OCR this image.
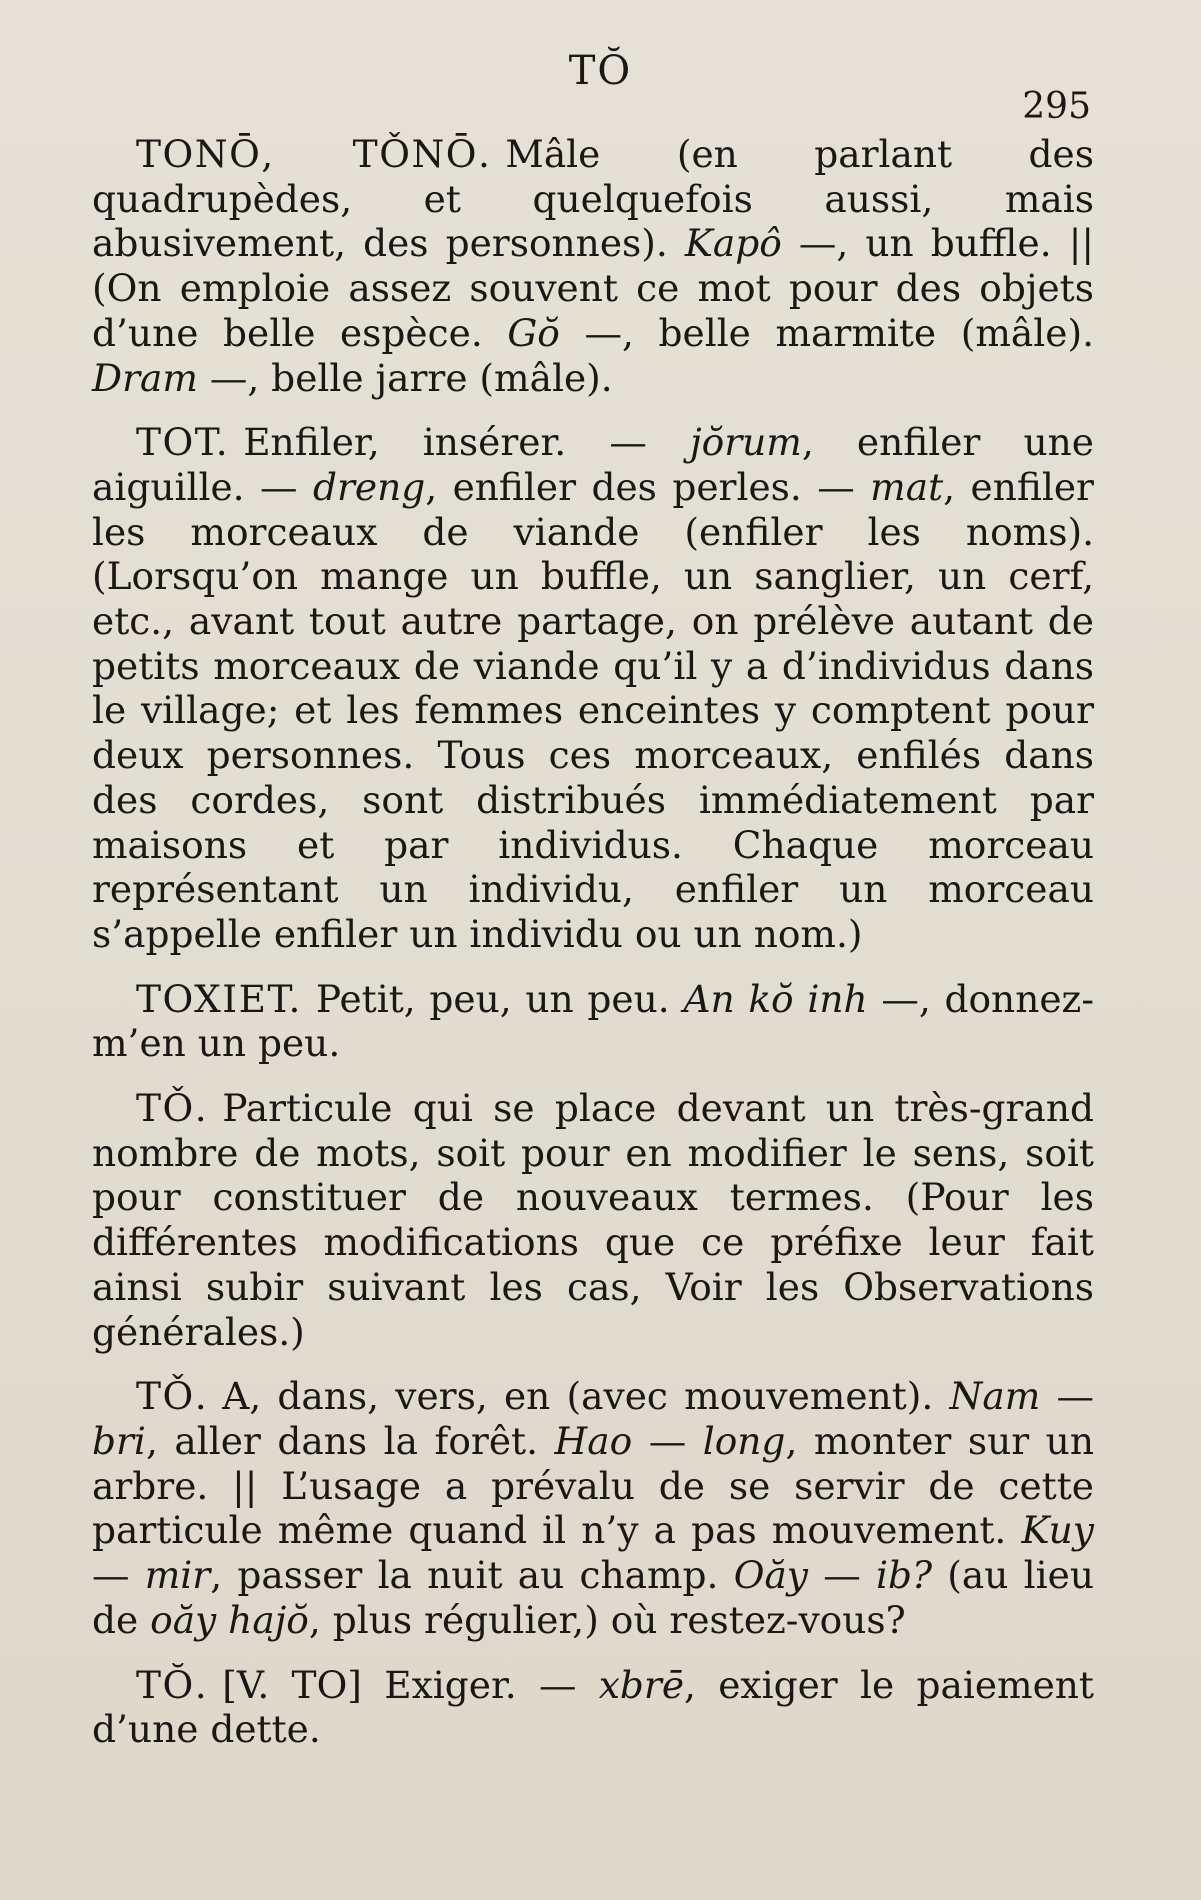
TŎ
295

TONŌ, TǑNŌ. Mâle (en parlant des quadrupèdes, et quelquefois aussi, mais abusivement, des personnes). Kapô —, un buffle. || (On emploie assez souvent ce mot pour des objets d’une belle espèce. Gŏ —, belle marmite (mâle). Dram —, belle jarre (mâle).

TOT. Enfiler, insérer. — jŏrum, enfiler une aiguille. — dreng, enfiler des perles. — mat, enfiler les morceaux de viande (enfiler les noms). (Lorsqu’on mange un buffle, un sanglier, un cerf, etc., avant tout autre partage, on prélève autant de petits morceaux de viande qu’il y a d’individus dans le village; et les femmes enceintes y comptent pour deux personnes. Tous ces morceaux, enfilés dans des cordes, sont distribués immédiatement par maisons et par individus. Chaque morceau représentant un individu, enfiler un morceau s’appelle enfiler un individu ou un nom.)

TOXIET. Petit, peu, un peu. An kŏ inh —, donnez-m’en un peu.

TǑ. Particule qui se place devant un très-grand nombre de mots, soit pour en modifier le sens, soit pour constituer de nouveaux termes. (Pour les différentes modifications que ce préfixe leur fait ainsi subir suivant les cas, Voir les Observations générales.)

TǑ. A, dans, vers, en (avec mouvement). Nam — bri, aller dans la forêt. Hao — long, monter sur un arbre. || L’usage a prévalu de se servir de cette particule même quand il n’y a pas mouvement. Kuy — mir, passer la nuit au champ. Oăy — ib? (au lieu de oăy hajŏ, plus régulier,) où restez-vous?

TŎ. [V. TO] Exiger. — xbrē, exiger le paiement d’une dette.
